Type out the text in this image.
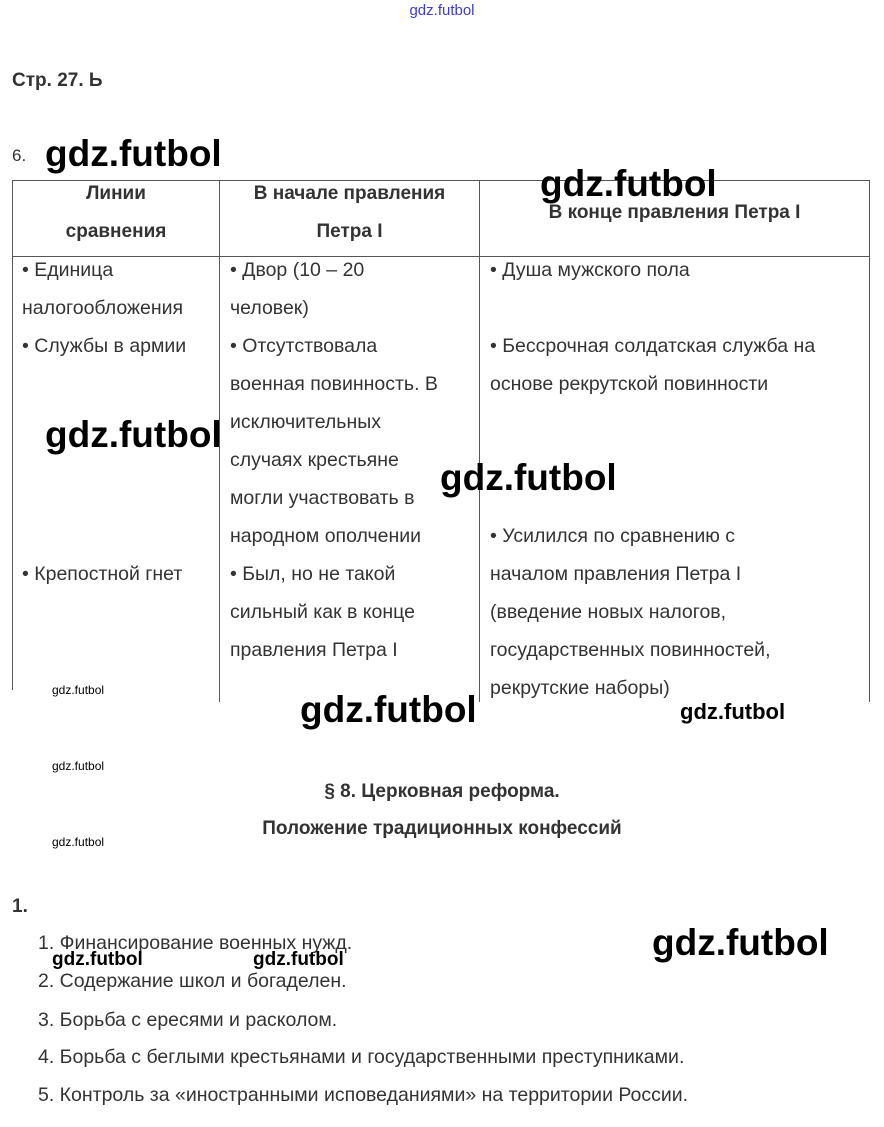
gdz.futbol
Стр. 27. Ь
6.
Линии
сравнения
В начале правления
Петра I
В конце правления Петра I
• Единица
налогообложения
• Службы в армии
• Крепостной гнет
• Двор (10 – 20
человек)
• Отсутствовала
военная повинность. В
исключительных
случаях крестьяне
могли участвовать в
народном ополчении
• Был, но не такой
сильный как в конце
правления Петра I
• Душа мужского пола
• Бессрочная солдатская служба на
основе рекрутской повинности
• Усилился по сравнению с
началом правления Петра I
(введение новых налогов,
государственных повинностей,
рекрутские наборы)
§ 8. Церковная реформа.
Положение традиционных конфессий
1.
1. Финансирование военных нужд.
2. Содержание школ и богаделен.
3. Борьба с ересями и расколом.
4. Борьба с беглыми крестьянами и государственными преступниками.
5. Контроль за «иностранными исповеданиями» на территории России.
gdz.futbol
gdz.futbol
gdz.futbol
gdz.futbol
gdz.futbol
gdz.futbol
gdz.futbol
gdz.futbol	gdz.futbol
gdz.futbol
gdz.futbol
gdz.futbol
